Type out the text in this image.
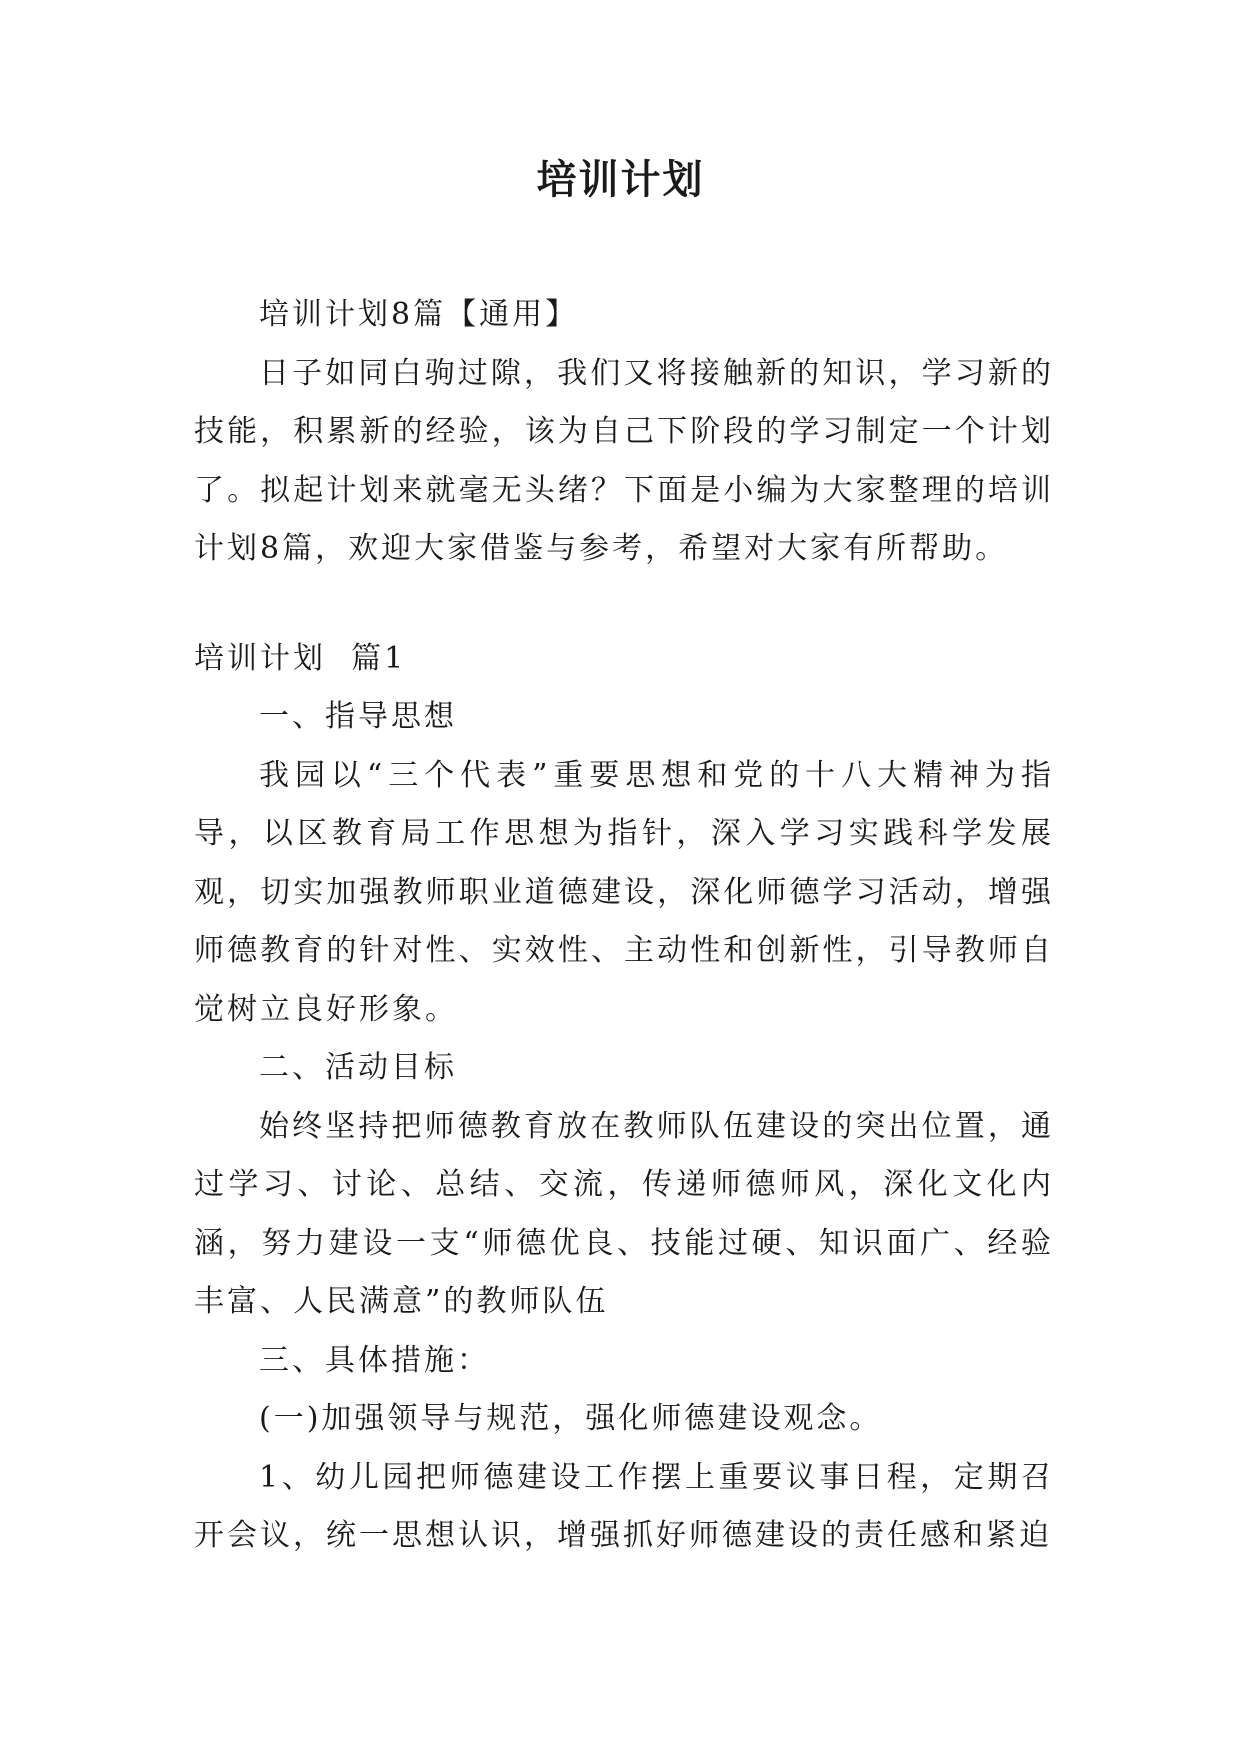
培训计划

培训计划8篇【通用】

日子如同白驹过隙，我们又将接触新的知识，学习新的技能，积累新的经验，该为自己下阶段的学习制定一个计划了。拟起计划来就毫无头绪？下面是小编为大家整理的培训计划8篇，欢迎大家借鉴与参考，希望对大家有所帮助。

培训计划  篇1

一、指导思想

我园以“三个代表”重要思想和党的十八大精神为指导，以区教育局工作思想为指针，深入学习实践科学发展观，切实加强教师职业道德建设，深化师德学习活动，增强师德教育的针对性、实效性、主动性和创新性，引导教师自觉树立良好形象。

二、活动目标

始终坚持把师德教育放在教师队伍建设的突出位置，通过学习、讨论、总结、交流，传递师德师风，深化文化内涵，努力建设一支“师德优良、技能过硬、知识面广、经验丰富、人民满意”的教师队伍

三、具体措施：

(一)加强领导与规范，强化师德建设观念。

1、幼儿园把师德建设工作摆上重要议事日程，定期召开会议，统一思想认识，增强抓好师德建设的责任感和紧迫
